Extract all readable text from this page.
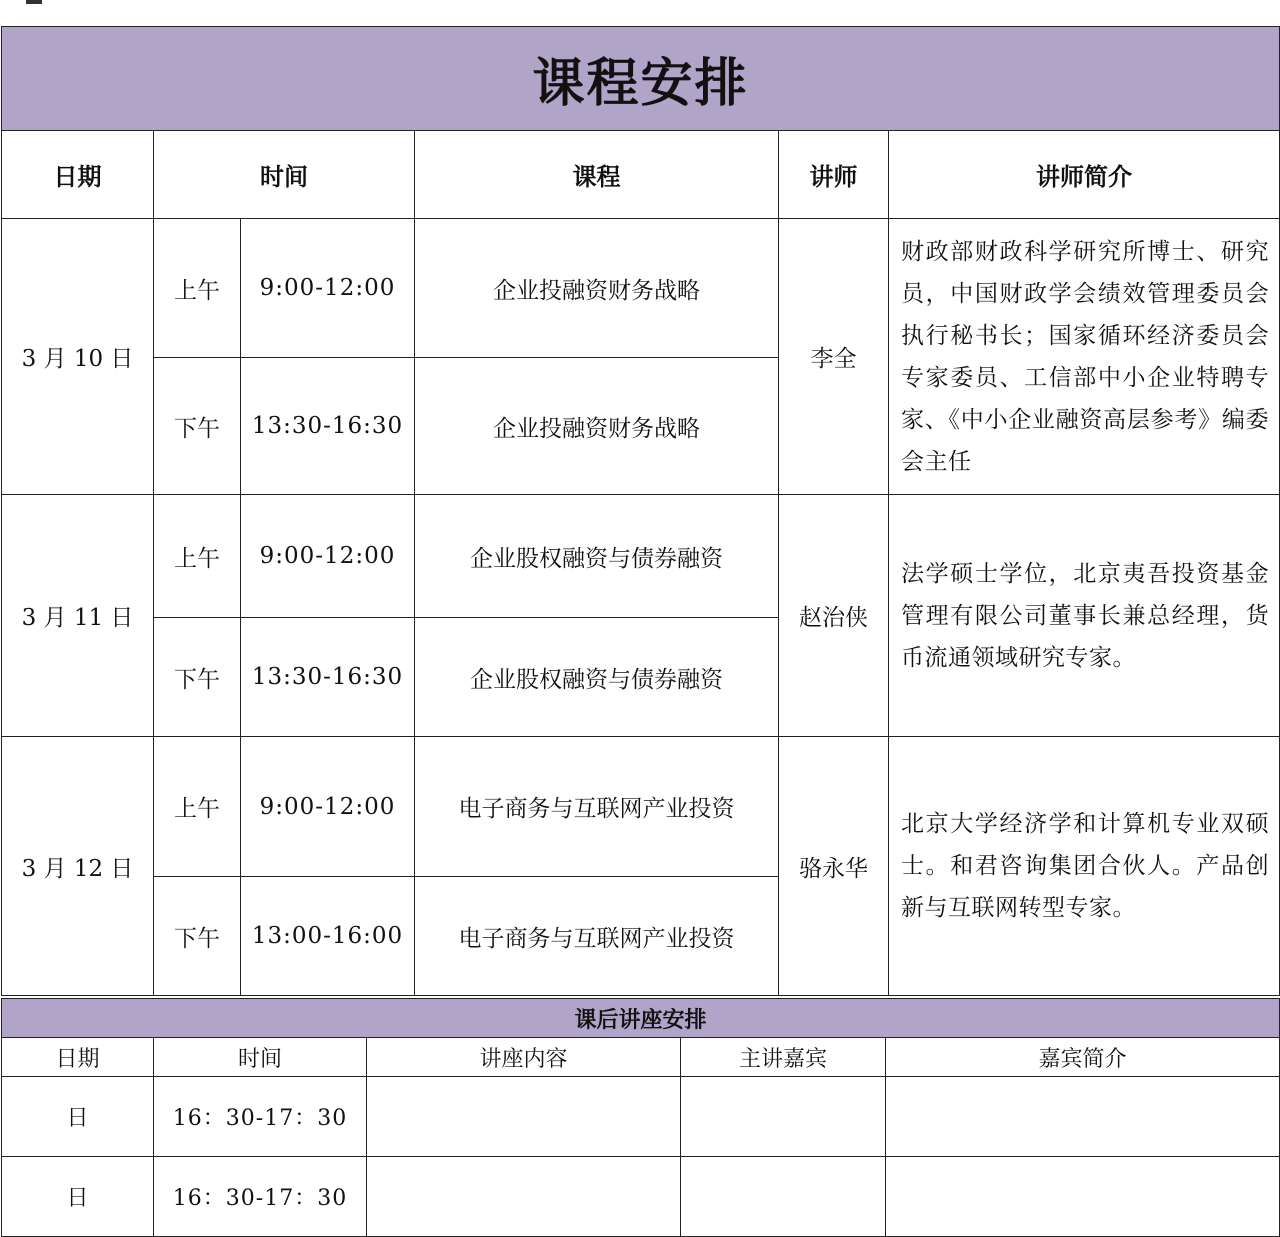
课程安排					
日期	时间		课程	讲师	讲师简介
3 月 10 日	上午	9:00-12:00	企业投融资财务战略	李全	财政部财政科学研究所博士、研究员，中国财政学会绩效管理委员会执行秘书长；国家循环经济委员会专家委员、工信部中小企业特聘专家、《中小企业融资高层参考》编委会主任
	下午	13:30-16:30	企业投融资财务战略		
3 月 11 日	上午	9:00-12:00	企业股权融资与债券融资	赵治侠	法学硕士学位，北京夷吾投资基金管理有限公司董事长兼总经理，货币流通领域研究专家。
	下午	13:30-16:30	企业股权融资与债券融资		
3 月 12 日	上午	9:00-12:00	电子商务与互联网产业投资	骆永华	北京大学经济学和计算机专业双硕士。和君咨询集团合伙人。产品创新与互联网转型专家。
	下午	13:00-16:00	电子商务与互联网产业投资		
课后讲座安排				
日期	时间	讲座内容	主讲嘉宾	嘉宾简介
日	16：30-17：30			
日	16：30-17：30			
